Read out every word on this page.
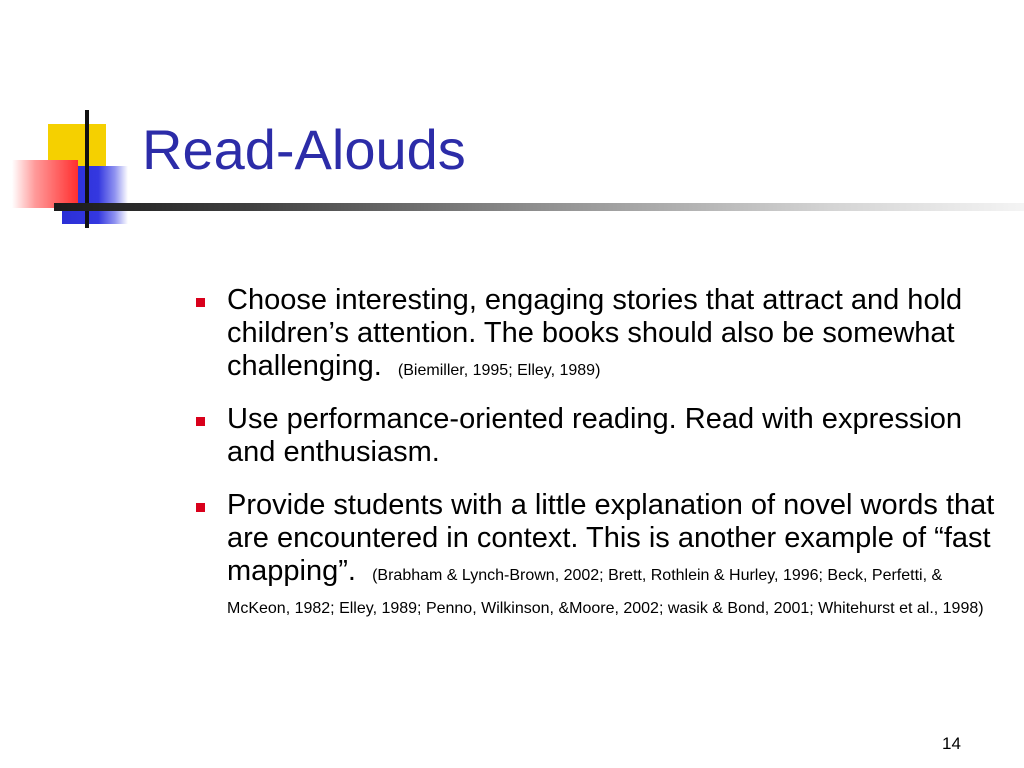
Read-Alouds
Choose interesting, engaging stories that attract and hold children’s attention. The books should also be somewhat challenging. (Biemiller, 1995; Elley, 1989)
Use performance-oriented reading. Read with expression and enthusiasm.
Provide students with a little explanation of novel words that are encountered in context. This is another example of “fast mapping”. (Brabham & Lynch-Brown, 2002; Brett, Rothlein & Hurley, 1996; Beck, Perfetti, & McKeon, 1982; Elley, 1989; Penno, Wilkinson, &Moore, 2002; wasik & Bond, 2001; Whitehurst et al., 1998)
14
